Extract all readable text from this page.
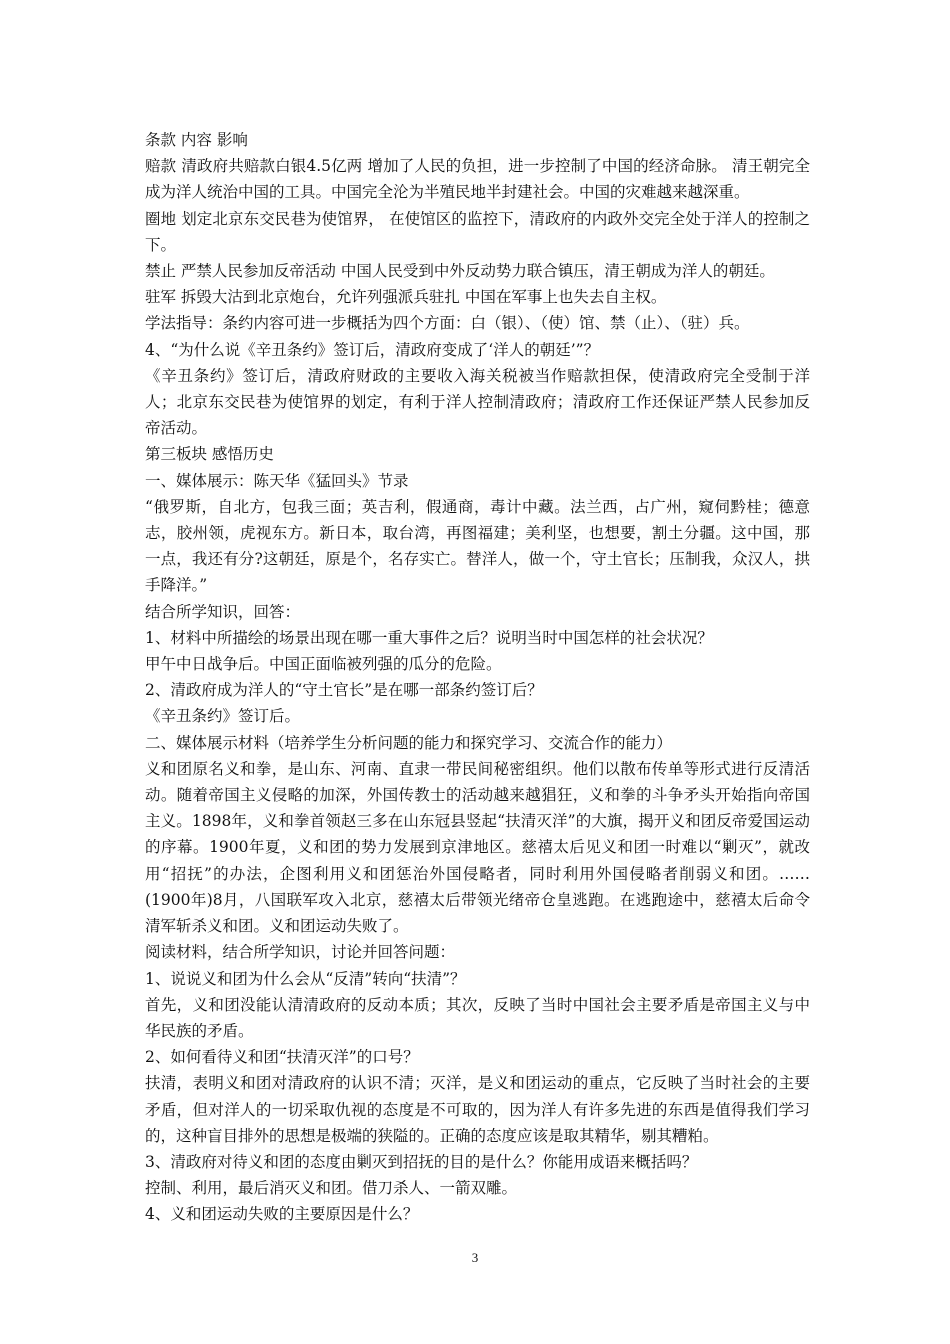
条款 内容 影响

赔款 清政府共赔款白银4.5亿两 增加了人民的负担，进一步控制了中国的经济命脉。 清王朝完全成为洋人统治中国的工具。中国完全沦为半殖民地半封建社会。中国的灾难越来越深重。

圈地 划定北京东交民巷为使馆界， 在使馆区的监控下，清政府的内政外交完全处于洋人的控制之下。

禁止 严禁人民参加反帝活动 中国人民受到中外反动势力联合镇压，清王朝成为洋人的朝廷。

驻军 拆毁大沽到北京炮台，允许列强派兵驻扎 中国在军事上也失去自主权。

学法指导：条约内容可进一步概括为四个方面：白（银）、（使）馆、禁（止）、（驻）兵。

4、“为什么说《辛丑条约》签订后，清政府变成了‘洋人的朝廷’”？

《辛丑条约》签订后，清政府财政的主要收入海关税被当作赔款担保，使清政府完全受制于洋人；北京东交民巷为使馆界的划定，有利于洋人控制清政府；清政府工作还保证严禁人民参加反帝活动。

第三板块 感悟历史

一、媒体展示：陈天华《猛回头》节录

“俄罗斯，自北方，包我三面；英吉利，假通商，毒计中藏。法兰西，占广州，窥伺黔桂；德意志，胶州领，虎视东方。新日本，取台湾，再图福建；美利坚，也想要，割土分疆。这中国，那一点，我还有分?这朝廷，原是个，名存实亡。替洋人，做一个，守土官长；压制我，众汉人，拱手降洋。”

结合所学知识，回答：

1、材料中所描绘的场景出现在哪一重大事件之后？说明当时中国怎样的社会状况？

甲午中日战争后。中国正面临被列强的瓜分的危险。

2、清政府成为洋人的“守土官长”是在哪一部条约签订后？

《辛丑条约》签订后。

二、媒体展示材料（培养学生分析问题的能力和探究学习、交流合作的能力）

义和团原名义和拳，是山东、河南、直隶一带民间秘密组织。他们以散布传单等形式进行反清活动。随着帝国主义侵略的加深，外国传教士的活动越来越猖狂，义和拳的斗争矛头开始指向帝国主义。1898年，义和拳首领赵三多在山东冠县竖起“扶清灭洋”的大旗，揭开义和团反帝爱国运动的序幕。1900年夏，义和团的势力发展到京津地区。慈禧太后见义和团一时难以“剿灭”，就改用“招抚”的办法，企图利用义和团惩治外国侵略者，同时利用外国侵略者削弱义和团。……(1900年)8月，八国联军攻入北京，慈禧太后带领光绪帝仓皇逃跑。在逃跑途中，慈禧太后命令清军斩杀义和团。义和团运动失败了。

阅读材料，结合所学知识，讨论并回答问题：

1、说说义和团为什么会从“反清”转向“扶清”？

首先，义和团没能认清清政府的反动本质；其次，反映了当时中国社会主要矛盾是帝国主义与中华民族的矛盾。

2、如何看待义和团“扶清灭洋”的口号？

扶清，表明义和团对清政府的认识不清；灭洋，是义和团运动的重点，它反映了当时社会的主要矛盾，但对洋人的一切采取仇视的态度是不可取的，因为洋人有许多先进的东西是值得我们学习的，这种盲目排外的思想是极端的狭隘的。正确的态度应该是取其精华，剔其糟粕。

3、清政府对待义和团的态度由剿灭到招抚的目的是什么？你能用成语来概括吗？

控制、利用，最后消灭义和团。借刀杀人、一箭双雕。

4、义和团运动失败的主要原因是什么？

3
